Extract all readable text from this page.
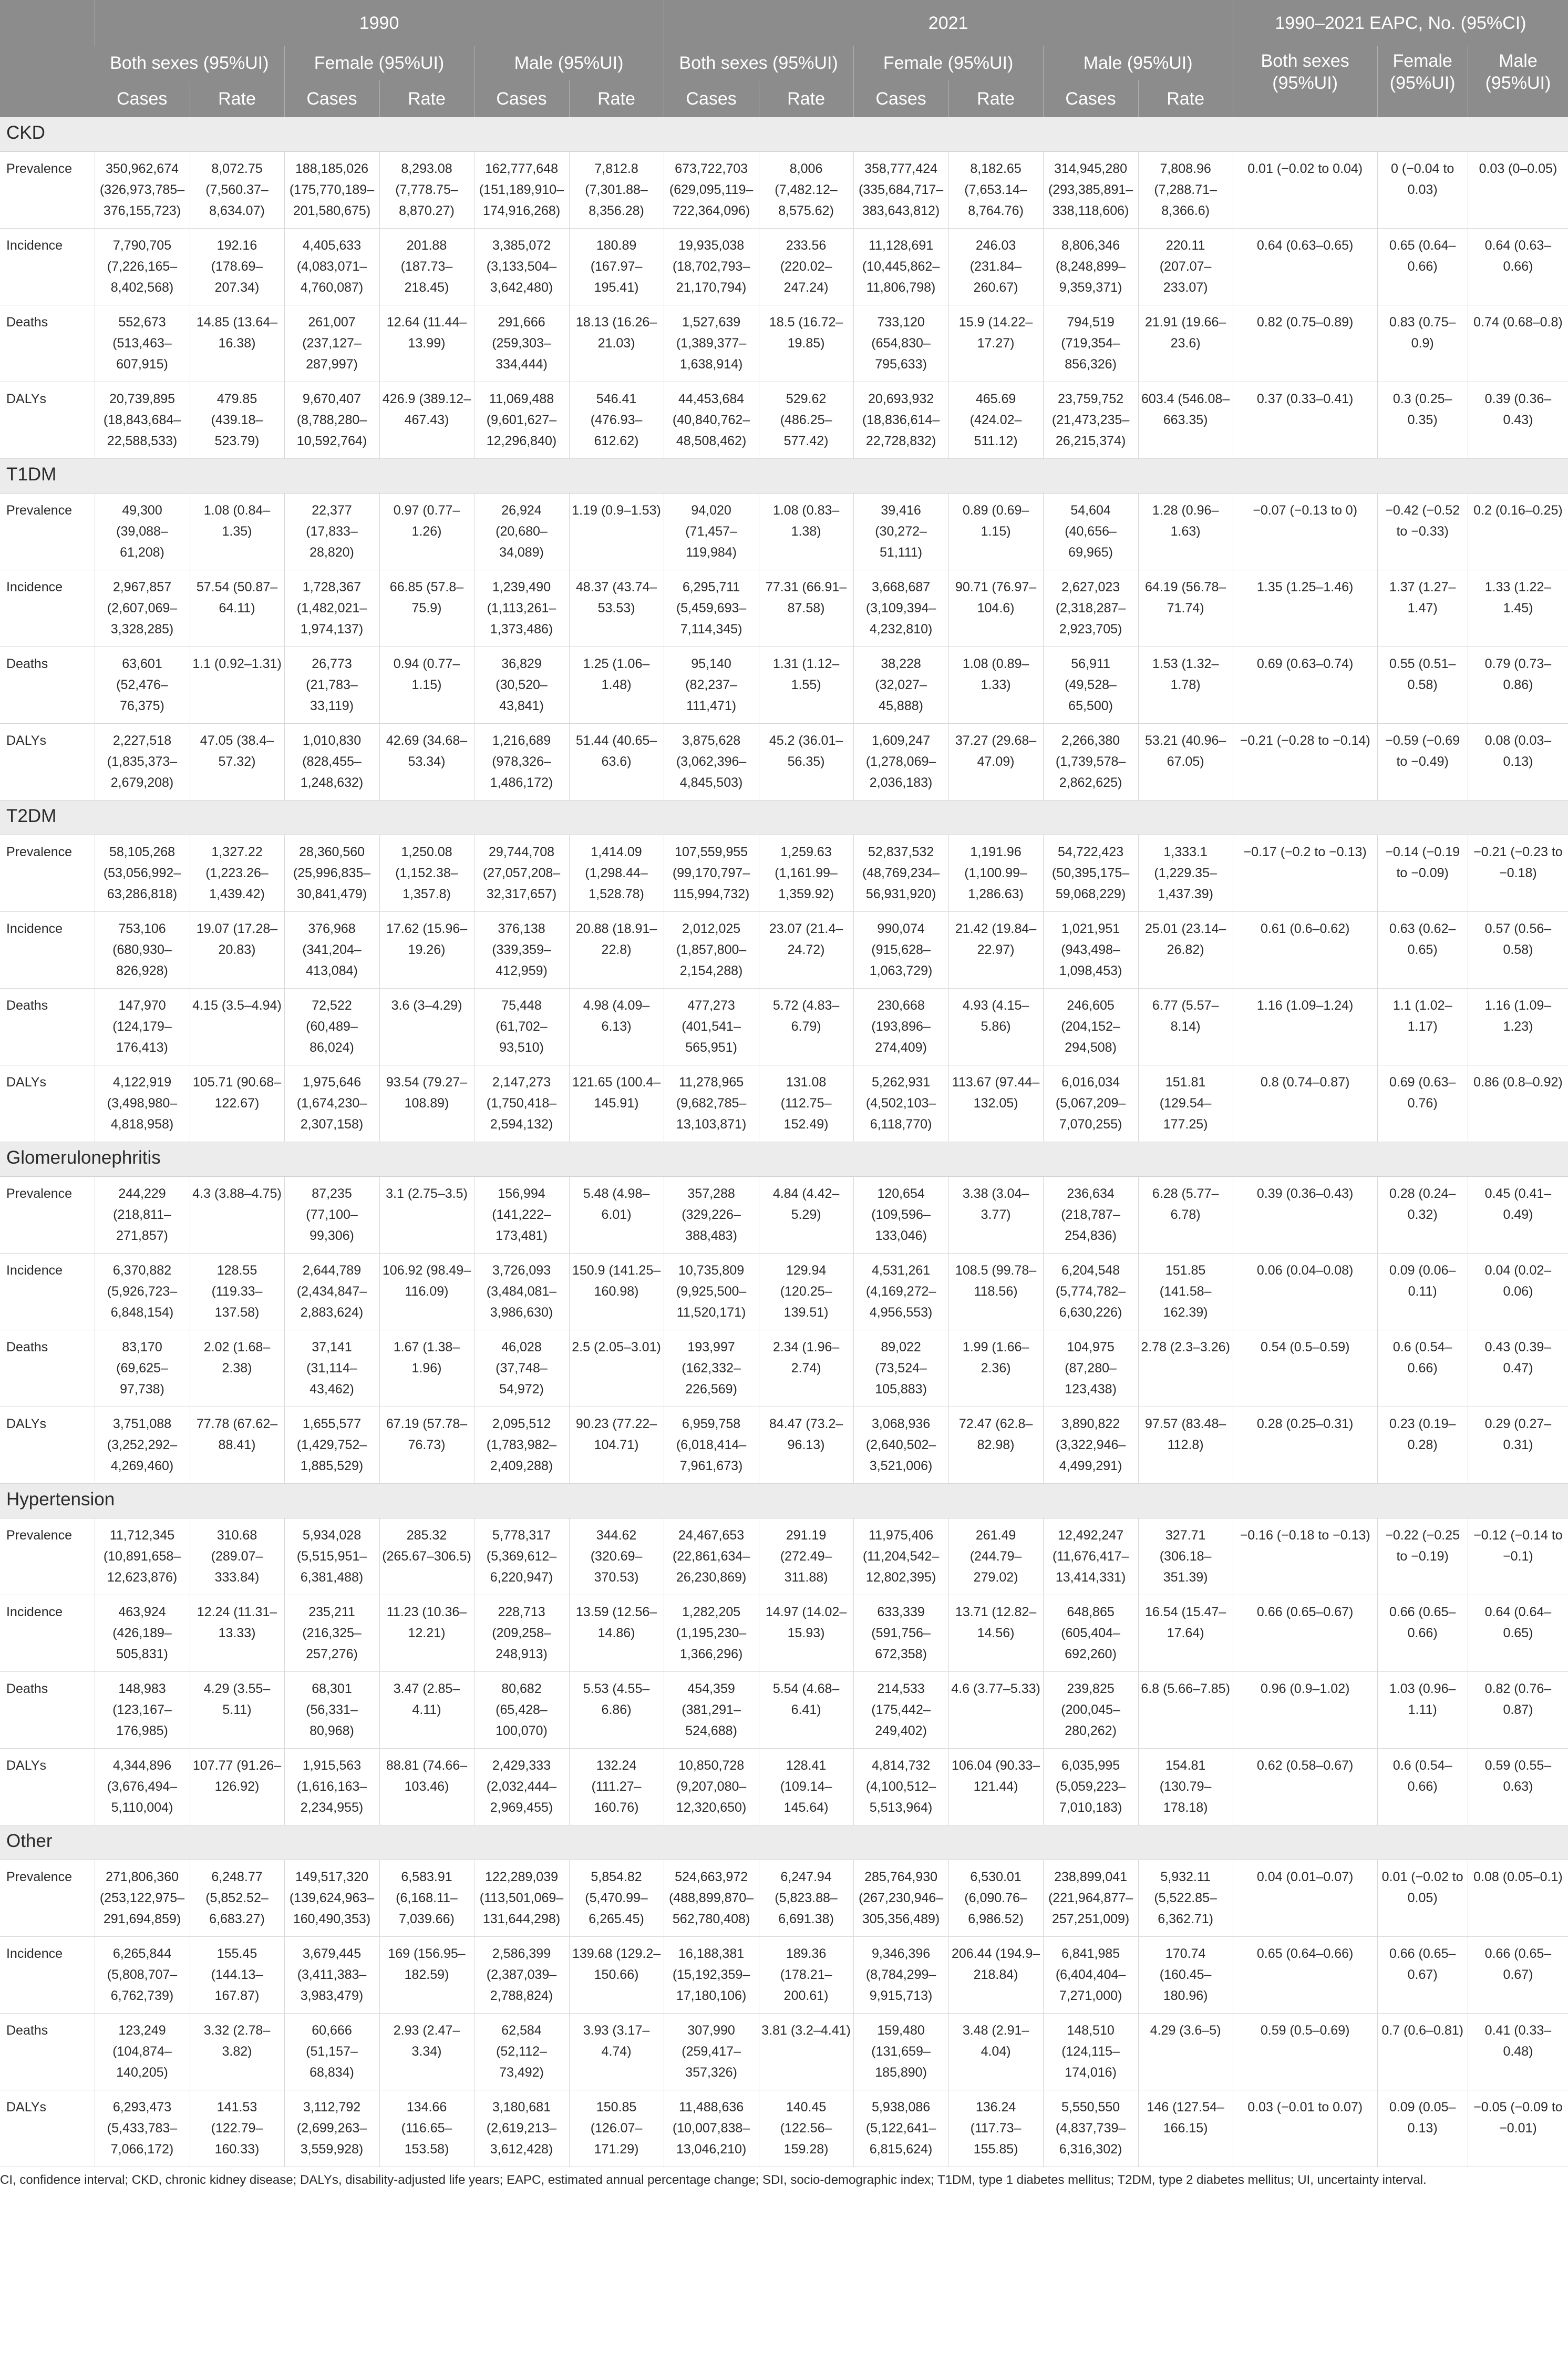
	1990						2021						1990–2021 EAPC, No. (95%CI)		
	Both sexes (95%UI)		Female (95%UI)		Male (95%UI)		Both sexes (95%UI)		Female (95%UI)		Male (95%UI)		Both sexes (95%UI)	Female (95%UI)	Male (95%UI)
	Cases	Rate	Cases	Rate	Cases	Rate	Cases	Rate	Cases	Rate	Cases	Rate			
CKD															
Prevalence	350,962,674 (326,973,785–376,155,723)	8,072.75 (7,560.37–8,634.07)	188,185,026 (175,770,189–201,580,675)	8,293.08 (7,778.75–8,870.27)	162,777,648 (151,189,910–174,916,268)	7,812.8 (7,301.88–8,356.28)	673,722,703 (629,095,119–722,364,096)	8,006 (7,482.12–8,575.62)	358,777,424 (335,684,717–383,643,812)	8,182.65 (7,653.14–8,764.76)	314,945,280 (293,385,891–338,118,606)	7,808.96 (7,288.71–8,366.6)	0.01 (−0.02 to 0.04)	0 (−0.04 to 0.03)	0.03 (0–0.05)
Incidence	7,790,705 (7,226,165–8,402,568)	192.16 (178.69–207.34)	4,405,633 (4,083,071–4,760,087)	201.88 (187.73–218.45)	3,385,072 (3,133,504–3,642,480)	180.89 (167.97–195.41)	19,935,038 (18,702,793–21,170,794)	233.56 (220.02–247.24)	11,128,691 (10,445,862–11,806,798)	246.03 (231.84–260.67)	8,806,346 (8,248,899–9,359,371)	220.11 (207.07–233.07)	0.64 (0.63–0.65)	0.65 (0.64–0.66)	0.64 (0.63–0.66)
Deaths	552,673 (513,463–607,915)	14.85 (13.64–16.38)	261,007 (237,127–287,997)	12.64 (11.44–13.99)	291,666 (259,303–334,444)	18.13 (16.26–21.03)	1,527,639 (1,389,377–1,638,914)	18.5 (16.72–19.85)	733,120 (654,830–795,633)	15.9 (14.22–17.27)	794,519 (719,354–856,326)	21.91 (19.66–23.6)	0.82 (0.75–0.89)	0.83 (0.75–0.9)	0.74 (0.68–0.8)
DALYs	20,739,895 (18,843,684–22,588,533)	479.85 (439.18–523.79)	9,670,407 (8,788,280–10,592,764)	426.9 (389.12–467.43)	11,069,488 (9,601,627–12,296,840)	546.41 (476.93–612.62)	44,453,684 (40,840,762–48,508,462)	529.62 (486.25–577.42)	20,693,932 (18,836,614–22,728,832)	465.69 (424.02–511.12)	23,759,752 (21,473,235–26,215,374)	603.4 (546.08–663.35)	0.37 (0.33–0.41)	0.3 (0.25–0.35)	0.39 (0.36–0.43)
T1DM															
Prevalence	49,300 (39,088–61,208)	1.08 (0.84–1.35)	22,377 (17,833–28,820)	0.97 (0.77–1.26)	26,924 (20,680–34,089)	1.19 (0.9–1.53)	94,020 (71,457–119,984)	1.08 (0.83–1.38)	39,416 (30,272–51,111)	0.89 (0.69–1.15)	54,604 (40,656–69,965)	1.28 (0.96–1.63)	−0.07 (−0.13 to 0)	−0.42 (−0.52 to −0.33)	0.2 (0.16–0.25)
Incidence	2,967,857 (2,607,069–3,328,285)	57.54 (50.87–64.11)	1,728,367 (1,482,021–1,974,137)	66.85 (57.8–75.9)	1,239,490 (1,113,261–1,373,486)	48.37 (43.74–53.53)	6,295,711 (5,459,693–7,114,345)	77.31 (66.91–87.58)	3,668,687 (3,109,394–4,232,810)	90.71 (76.97–104.6)	2,627,023 (2,318,287–2,923,705)	64.19 (56.78–71.74)	1.35 (1.25–1.46)	1.37 (1.27–1.47)	1.33 (1.22–1.45)
Deaths	63,601 (52,476–76,375)	1.1 (0.92–1.31)	26,773 (21,783–33,119)	0.94 (0.77–1.15)	36,829 (30,520–43,841)	1.25 (1.06–1.48)	95,140 (82,237–111,471)	1.31 (1.12–1.55)	38,228 (32,027–45,888)	1.08 (0.89–1.33)	56,911 (49,528–65,500)	1.53 (1.32–1.78)	0.69 (0.63–0.74)	0.55 (0.51–0.58)	0.79 (0.73–0.86)
DALYs	2,227,518 (1,835,373–2,679,208)	47.05 (38.4–57.32)	1,010,830 (828,455–1,248,632)	42.69 (34.68–53.34)	1,216,689 (978,326–1,486,172)	51.44 (40.65–63.6)	3,875,628 (3,062,396–4,845,503)	45.2 (36.01–56.35)	1,609,247 (1,278,069–2,036,183)	37.27 (29.68–47.09)	2,266,380 (1,739,578–2,862,625)	53.21 (40.96–67.05)	−0.21 (−0.28 to −0.14)	−0.59 (−0.69 to −0.49)	0.08 (0.03–0.13)
T2DM															
Prevalence	58,105,268 (53,056,992–63,286,818)	1,327.22 (1,223.26–1,439.42)	28,360,560 (25,996,835–30,841,479)	1,250.08 (1,152.38–1,357.8)	29,744,708 (27,057,208–32,317,657)	1,414.09 (1,298.44–1,528.78)	107,559,955 (99,170,797–115,994,732)	1,259.63 (1,161.99–1,359.92)	52,837,532 (48,769,234–56,931,920)	1,191.96 (1,100.99–1,286.63)	54,722,423 (50,395,175–59,068,229)	1,333.1 (1,229.35–1,437.39)	−0.17 (−0.2 to −0.13)	−0.14 (−0.19 to −0.09)	−0.21 (−0.23 to −0.18)
Incidence	753,106 (680,930–826,928)	19.07 (17.28–20.83)	376,968 (341,204–413,084)	17.62 (15.96–19.26)	376,138 (339,359–412,959)	20.88 (18.91–22.8)	2,012,025 (1,857,800–2,154,288)	23.07 (21.4–24.72)	990,074 (915,628–1,063,729)	21.42 (19.84–22.97)	1,021,951 (943,498–1,098,453)	25.01 (23.14–26.82)	0.61 (0.6–0.62)	0.63 (0.62–0.65)	0.57 (0.56–0.58)
Deaths	147,970 (124,179–176,413)	4.15 (3.5–4.94)	72,522 (60,489–86,024)	3.6 (3–4.29)	75,448 (61,702–93,510)	4.98 (4.09–6.13)	477,273 (401,541–565,951)	5.72 (4.83–6.79)	230,668 (193,896–274,409)	4.93 (4.15–5.86)	246,605 (204,152–294,508)	6.77 (5.57–8.14)	1.16 (1.09–1.24)	1.1 (1.02–1.17)	1.16 (1.09–1.23)
DALYs	4,122,919 (3,498,980–4,818,958)	105.71 (90.68–122.67)	1,975,646 (1,674,230–2,307,158)	93.54 (79.27–108.89)	2,147,273 (1,750,418–2,594,132)	121.65 (100.4–145.91)	11,278,965 (9,682,785–13,103,871)	131.08 (112.75–152.49)	5,262,931 (4,502,103–6,118,770)	113.67 (97.44–132.05)	6,016,034 (5,067,209–7,070,255)	151.81 (129.54–177.25)	0.8 (0.74–0.87)	0.69 (0.63–0.76)	0.86 (0.8–0.92)
Glomerulonephritis															
Prevalence	244,229 (218,811–271,857)	4.3 (3.88–4.75)	87,235 (77,100–99,306)	3.1 (2.75–3.5)	156,994 (141,222–173,481)	5.48 (4.98–6.01)	357,288 (329,226–388,483)	4.84 (4.42–5.29)	120,654 (109,596–133,046)	3.38 (3.04–3.77)	236,634 (218,787–254,836)	6.28 (5.77–6.78)	0.39 (0.36–0.43)	0.28 (0.24–0.32)	0.45 (0.41–0.49)
Incidence	6,370,882 (5,926,723–6,848,154)	128.55 (119.33–137.58)	2,644,789 (2,434,847–2,883,624)	106.92 (98.49–116.09)	3,726,093 (3,484,081–3,986,630)	150.9 (141.25–160.98)	10,735,809 (9,925,500–11,520,171)	129.94 (120.25–139.51)	4,531,261 (4,169,272–4,956,553)	108.5 (99.78–118.56)	6,204,548 (5,774,782–6,630,226)	151.85 (141.58–162.39)	0.06 (0.04–0.08)	0.09 (0.06–0.11)	0.04 (0.02–0.06)
Deaths	83,170 (69,625–97,738)	2.02 (1.68–2.38)	37,141 (31,114–43,462)	1.67 (1.38–1.96)	46,028 (37,748–54,972)	2.5 (2.05–3.01)	193,997 (162,332–226,569)	2.34 (1.96–2.74)	89,022 (73,524–105,883)	1.99 (1.66–2.36)	104,975 (87,280–123,438)	2.78 (2.3–3.26)	0.54 (0.5–0.59)	0.6 (0.54–0.66)	0.43 (0.39–0.47)
DALYs	3,751,088 (3,252,292–4,269,460)	77.78 (67.62–88.41)	1,655,577 (1,429,752–1,885,529)	67.19 (57.78–76.73)	2,095,512 (1,783,982–2,409,288)	90.23 (77.22–104.71)	6,959,758 (6,018,414–7,961,673)	84.47 (73.2–96.13)	3,068,936 (2,640,502–3,521,006)	72.47 (62.8–82.98)	3,890,822 (3,322,946–4,499,291)	97.57 (83.48–112.8)	0.28 (0.25–0.31)	0.23 (0.19–0.28)	0.29 (0.27–0.31)
Hypertension															
Prevalence	11,712,345 (10,891,658–12,623,876)	310.68 (289.07–333.84)	5,934,028 (5,515,951–6,381,488)	285.32 (265.67–306.5)	5,778,317 (5,369,612–6,220,947)	344.62 (320.69–370.53)	24,467,653 (22,861,634–26,230,869)	291.19 (272.49–311.88)	11,975,406 (11,204,542–12,802,395)	261.49 (244.79–279.02)	12,492,247 (11,676,417–13,414,331)	327.71 (306.18–351.39)	−0.16 (−0.18 to −0.13)	−0.22 (−0.25 to −0.19)	−0.12 (−0.14 to −0.1)
Incidence	463,924 (426,189–505,831)	12.24 (11.31–13.33)	235,211 (216,325–257,276)	11.23 (10.36–12.21)	228,713 (209,258–248,913)	13.59 (12.56–14.86)	1,282,205 (1,195,230–1,366,296)	14.97 (14.02–15.93)	633,339 (591,756–672,358)	13.71 (12.82–14.56)	648,865 (605,404–692,260)	16.54 (15.47–17.64)	0.66 (0.65–0.67)	0.66 (0.65–0.66)	0.64 (0.64–0.65)
Deaths	148,983 (123,167–176,985)	4.29 (3.55–5.11)	68,301 (56,331–80,968)	3.47 (2.85–4.11)	80,682 (65,428–100,070)	5.53 (4.55–6.86)	454,359 (381,291–524,688)	5.54 (4.68–6.41)	214,533 (175,442–249,402)	4.6 (3.77–5.33)	239,825 (200,045–280,262)	6.8 (5.66–7.85)	0.96 (0.9–1.02)	1.03 (0.96–1.11)	0.82 (0.76–0.87)
DALYs	4,344,896 (3,676,494–5,110,004)	107.77 (91.26–126.92)	1,915,563 (1,616,163–2,234,955)	88.81 (74.66–103.46)	2,429,333 (2,032,444–2,969,455)	132.24 (111.27–160.76)	10,850,728 (9,207,080–12,320,650)	128.41 (109.14–145.64)	4,814,732 (4,100,512–5,513,964)	106.04 (90.33–121.44)	6,035,995 (5,059,223–7,010,183)	154.81 (130.79–178.18)	0.62 (0.58–0.67)	0.6 (0.54–0.66)	0.59 (0.55–0.63)
Other															
Prevalence	271,806,360 (253,122,975–291,694,859)	6,248.77 (5,852.52–6,683.27)	149,517,320 (139,624,963–160,490,353)	6,583.91 (6,168.11–7,039.66)	122,289,039 (113,501,069–131,644,298)	5,854.82 (5,470.99–6,265.45)	524,663,972 (488,899,870–562,780,408)	6,247.94 (5,823.88–6,691.38)	285,764,930 (267,230,946–305,356,489)	6,530.01 (6,090.76–6,986.52)	238,899,041 (221,964,877–257,251,009)	5,932.11 (5,522.85–6,362.71)	0.04 (0.01–0.07)	0.01 (−0.02 to 0.05)	0.08 (0.05–0.1)
Incidence	6,265,844 (5,808,707–6,762,739)	155.45 (144.13–167.87)	3,679,445 (3,411,383–3,983,479)	169 (156.95–182.59)	2,586,399 (2,387,039–2,788,824)	139.68 (129.2–150.66)	16,188,381 (15,192,359–17,180,106)	189.36 (178.21–200.61)	9,346,396 (8,784,299–9,915,713)	206.44 (194.9–218.84)	6,841,985 (6,404,404–7,271,000)	170.74 (160.45–180.96)	0.65 (0.64–0.66)	0.66 (0.65–0.67)	0.66 (0.65–0.67)
Deaths	123,249 (104,874–140,205)	3.32 (2.78–3.82)	60,666 (51,157–68,834)	2.93 (2.47–3.34)	62,584 (52,112–73,492)	3.93 (3.17–4.74)	307,990 (259,417–357,326)	3.81 (3.2–4.41)	159,480 (131,659–185,890)	3.48 (2.91–4.04)	148,510 (124,115–174,016)	4.29 (3.6–5)	0.59 (0.5–0.69)	0.7 (0.6–0.81)	0.41 (0.33–0.48)
DALYs	6,293,473 (5,433,783–7,066,172)	141.53 (122.79–160.33)	3,112,792 (2,699,263–3,559,928)	134.66 (116.65–153.58)	3,180,681 (2,619,213–3,612,428)	150.85 (126.07–171.29)	11,488,636 (10,007,838–13,046,210)	140.45 (122.56–159.28)	5,938,086 (5,122,641–6,815,624)	136.24 (117.73–155.85)	5,550,550 (4,837,739–6,316,302)	146 (127.54–166.15)	0.03 (−0.01 to 0.07)	0.09 (0.05–0.13)	−0.05 (−0.09 to −0.01)
CI, confidence interval; CKD, chronic kidney disease; DALYs, disability-adjusted life years; EAPC, estimated annual percentage change; SDI, socio-demographic index; T1DM, type 1 diabetes mellitus; T2DM, type 2 diabetes mellitus; UI, uncertainty interval.
